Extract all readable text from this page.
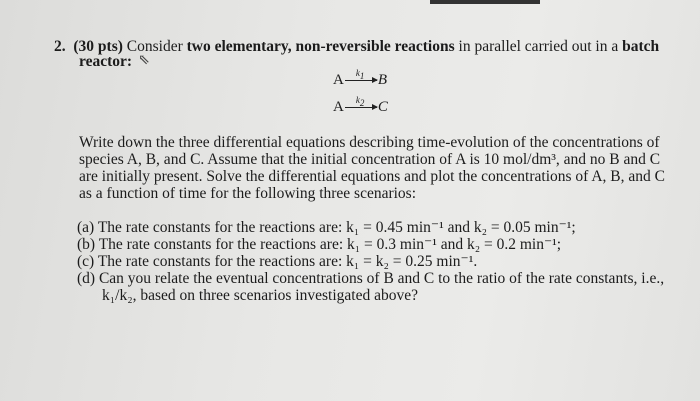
2. (30 pts) Consider two elementary, non-reversible reactions in parallel carried out in a batch
reactor: ⇖
A $k_1$ B
A $k_2$ C
Write down the three differential equations describing time-evolution of the concentrations of
species A, B, and C. Assume that the initial concentration of A is 10 mol/dm³, and no B and C
are initially present. Solve the differential equations and plot the concentrations of A, B, and C
as a function of time for the following three scenarios:
(a) The rate constants for the reactions are: k₁ = 0.45 min⁻¹ and k₂ = 0.05 min⁻¹;
(b) The rate constants for the reactions are: k₁ = 0.3 min⁻¹ and k₂ = 0.2 min⁻¹;
(c) The rate constants for the reactions are: k₁ = k₂ = 0.25 min⁻¹.
(d) Can you relate the eventual concentrations of B and C to the ratio of the rate constants, i.e.,
k₁/k₂, based on three scenarios investigated above?
